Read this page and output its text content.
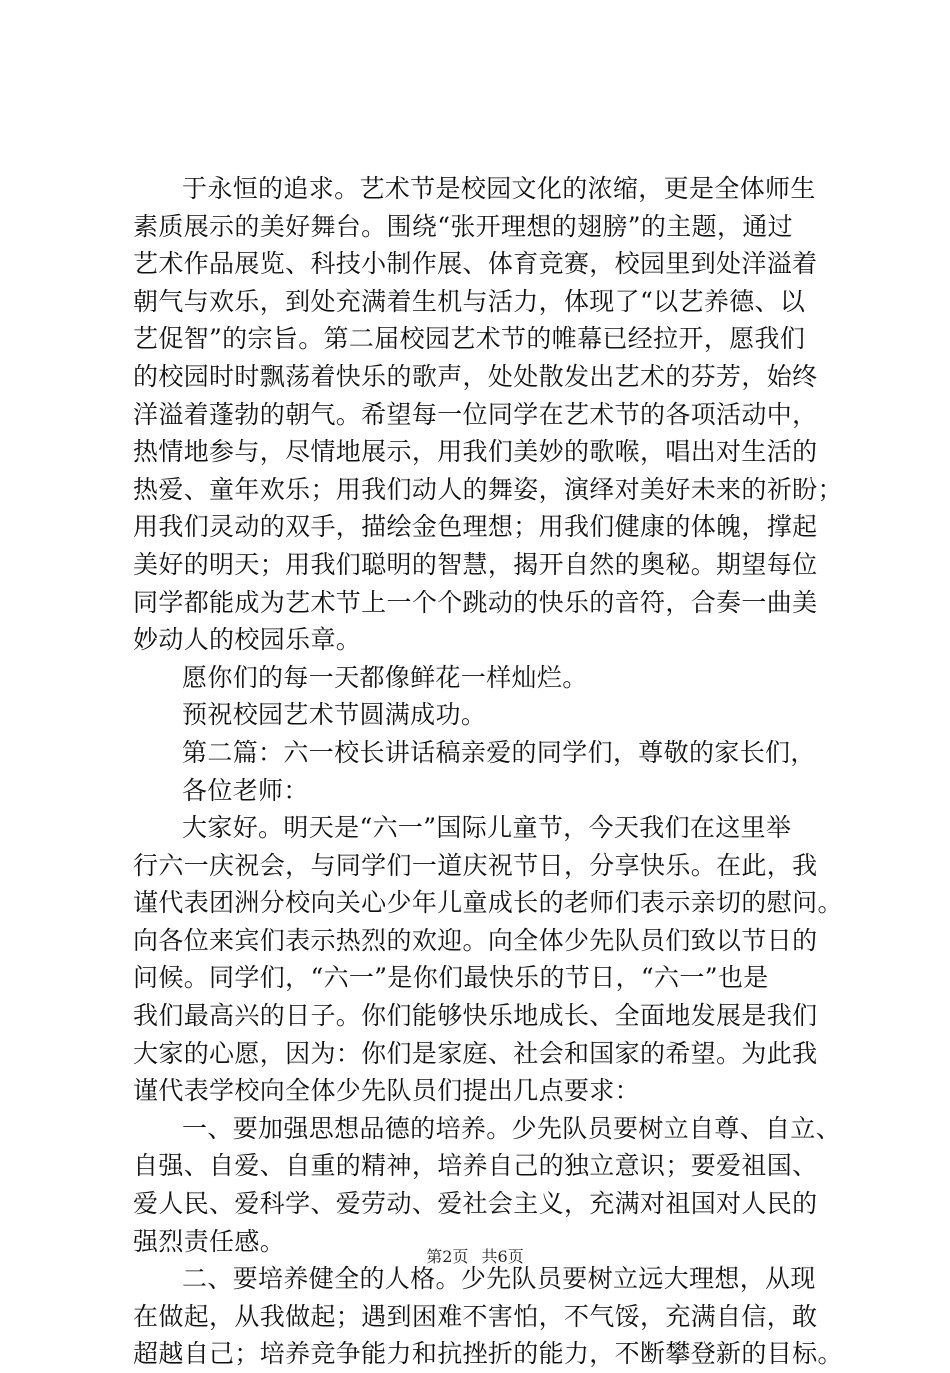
于永恒的追求。艺术节是校园文化的浓缩，更是全体师生
素质展示的美好舞台。围绕“张开理想的翅膀”的主题，通过
艺术作品展览、科技小制作展、体育竞赛，校园里到处洋溢着
朝气与欢乐，到处充满着生机与活力，体现了“以艺养德、以
艺促智”的宗旨。第二届校园艺术节的帷幕已经拉开，愿我们
的校园时时飘荡着快乐的歌声，处处散发出艺术的芬芳，始终
洋溢着蓬勃的朝气。希望每一位同学在艺术节的各项活动中，
热情地参与，尽情地展示，用我们美妙的歌喉，唱出对生活的
热爱、童年欢乐；用我们动人的舞姿，演绎对美好未来的祈盼；
用我们灵动的双手，描绘金色理想；用我们健康的体魄，撑起
美好的明天；用我们聪明的智慧，揭开自然的奥秘。期望每位
同学都能成为艺术节上一个个跳动的快乐的音符，合奏一曲美
妙动人的校园乐章。
愿你们的每一天都像鲜花一样灿烂。
预祝校园艺术节圆满成功。
第二篇：六一校长讲话稿亲爱的同学们，尊敬的家长们，
各位老师：
大家好。明天是“六一”国际儿童节，今天我们在这里举
行六一庆祝会，与同学们一道庆祝节日，分享快乐。在此，我
谨代表团洲分校向关心少年儿童成长的老师们表示亲切的慰问。
向各位来宾们表示热烈的欢迎。向全体少先队员们致以节日的
问候。同学们，“六一”是你们最快乐的节日，“六一”也是
我们最高兴的日子。你们能够快乐地成长、全面地发展是我们
大家的心愿，因为：你们是家庭、社会和国家的希望。为此我
谨代表学校向全体少先队员们提出几点要求：
一、要加强思想品德的培养。少先队员要树立自尊、自立、
自强、自爱、自重的精神，培养自己的独立意识；要爱祖国、
爱人民、爱科学、爱劳动、爱社会主义，充满对祖国对人民的
强烈责任感。
二、要培养健全的人格。少先队员要树立远大理想，从现
在做起，从我做起；遇到困难不害怕，不气馁，充满自信，敢
超越自己；培养竞争能力和抗挫折的能力，不断攀登新的目标。
第2页 共6页
